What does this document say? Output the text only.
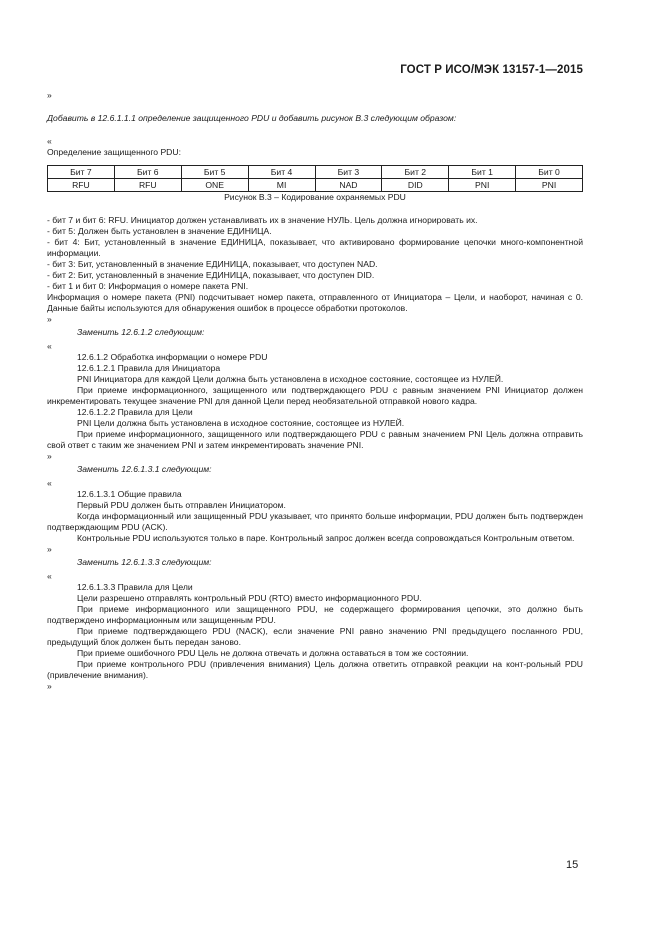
ГОСТ Р ИСО/МЭК 13157-1—2015

»

Добавить в 12.6.1.1.1 определение защищенного PDU и добавить рисунок В.3 следующим образом:

«

Определение защищенного PDU:

Бит 7	Бит 6	Бит 5	Бит 4	Бит 3	Бит 2	Бит 1	Бит 0
RFU	RFU	ONE	MI	NAD	DID	PNI	PNI

Рисунок В.3 – Кодирование охраняемых PDU

- бит 7 и бит 6: RFU. Инициатор должен устанавливать их в значение НУЛЬ. Цель должна игнорировать их.

- бит 5: Должен быть установлен в значение ЕДИНИЦА.

- бит 4: Бит, установленный в значение ЕДИНИЦА, показывает, что активировано формирование цепочки много-компонентной информации.

- бит 3: Бит, установленный в значение ЕДИНИЦА, показывает, что доступен NAD.

- бит 2: Бит, установленный в значение ЕДИНИЦА, показывает, что доступен DID.

- бит 1 и бит 0: Информация о номере пакета PNI.

Информация о номере пакета (PNI) подсчитывает номер пакета, отправленного от Инициатора – Цели, и наоборот, начиная с 0. Данные байты используются для обнаружения ошибок в процессе обработки протоколов.

»

Заменить 12.6.1.2 следующим:

«

12.6.1.2 Обработка информации о номере PDU

12.6.1.2.1 Правила для Инициатора

PNI Инициатора для каждой Цели должна быть установлена в исходное состояние, состоящее из НУЛЕЙ.

При приеме информационного, защищенного или подтверждающего PDU с равным значением PNI Инициатор должен инкрементировать текущее значение PNI для данной Цели перед необязательной отправкой нового кадра.

12.6.1.2.2 Правила для Цели

PNI Цели должна быть установлена в исходное состояние, состоящее из НУЛЕЙ.

При приеме информационного, защищенного или подтверждающего PDU с равным значением PNI Цель должна отправить свой ответ с таким же значением PNI и затем инкрементировать значение PNI.

»

Заменить 12.6.1.3.1 следующим:

«

12.6.1.3.1 Общие правила

Первый PDU должен быть отправлен Инициатором.

Когда информационный или защищенный PDU указывает, что принято больше информации, PDU должен быть подтвержден подтверждающим PDU (ACK).

Контрольные PDU используются только в паре. Контрольный запрос должен всегда сопровождаться Контрольным ответом.

»

Заменить 12.6.1.3.3 следующим:

«

12.6.1.3.3 Правила для Цели

Цели разрешено отправлять контрольный PDU (RTO) вместо информационного PDU.

При приеме информационного или защищенного PDU, не содержащего формирования цепочки, это должно быть подтверждено информационным или защищенным PDU.

При приеме подтверждающего PDU (NACK), если значение PNI равно значению PNI предыдущего посланного PDU, предыдущий блок должен быть передан заново.

При приеме ошибочного PDU Цель не должна отвечать и должна оставаться в том же состоянии.

При приеме контрольного PDU (привлечения внимания) Цель должна ответить отправкой реакции на конт-рольный PDU (привлечение внимания).

»

15
